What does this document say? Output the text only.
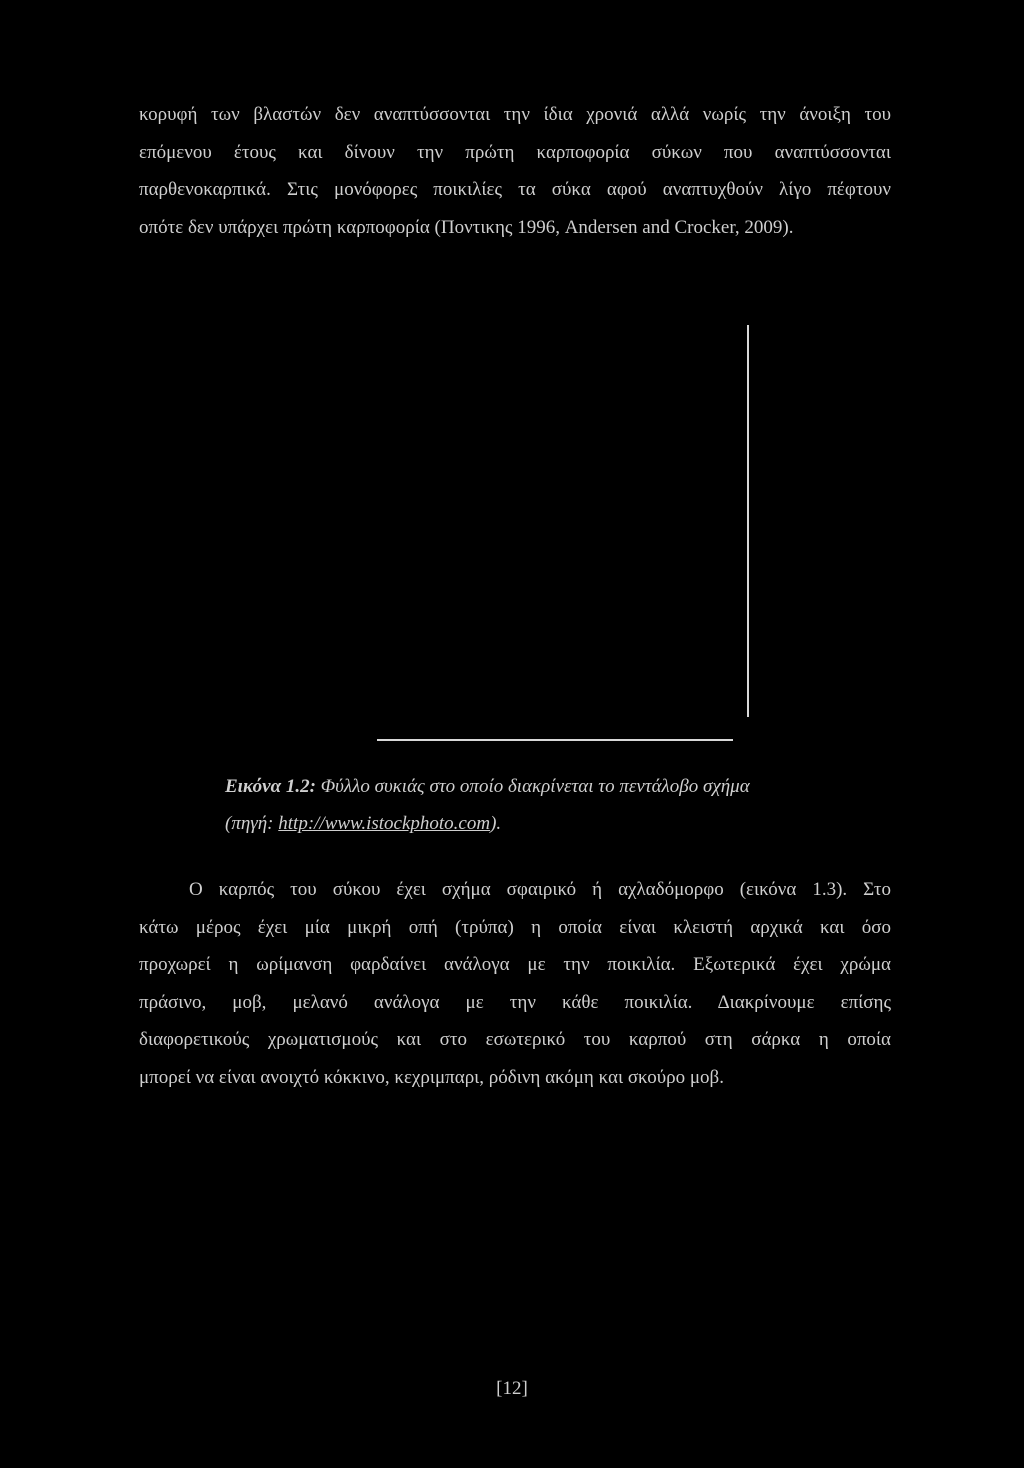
κορυφή των βλαστών δεν αναπτύσσονται την ίδια χρονιά αλλά νωρίς την άνοιξη του
επόμενου έτους και δίνουν την πρώτη καρποφορία σύκων που αναπτύσσονται
παρθενοκαρπικά. Στις μονόφορες ποικιλίες τα σύκα αφού αναπτυχθούν λίγο πέφτουν
οπότε δεν υπάρχει πρώτη καρποφορία (Ποντικης 1996, Andersen and Crocker, 2009).

Εικόνα 1.2: Φύλλο συκιάς στο οποίο διακρίνεται το πεντάλοβο σχήμα
(πηγή: http://www.istockphoto.com).

Ο καρπός του σύκου έχει σχήμα σφαιρικό ή αχλαδόμορφο (εικόνα 1.3). Στο
κάτω μέρος έχει μία μικρή οπή (τρύπα) η οποία είναι κλειστή αρχικά και όσο
προχωρεί η ωρίμανση φαρδαίνει ανάλογα με την ποικιλία. Εξωτερικά έχει χρώμα
πράσινο, μοβ, μελανό ανάλογα με την κάθε ποικιλία. Διακρίνουμε επίσης
διαφορετικούς χρωματισμούς και στο εσωτερικό του καρπού στη σάρκα η οποία
μπορεί να είναι ανοιχτό κόκκινο, κεχριμπαρι, ρόδινη ακόμη και σκούρο μοβ.

[12]
